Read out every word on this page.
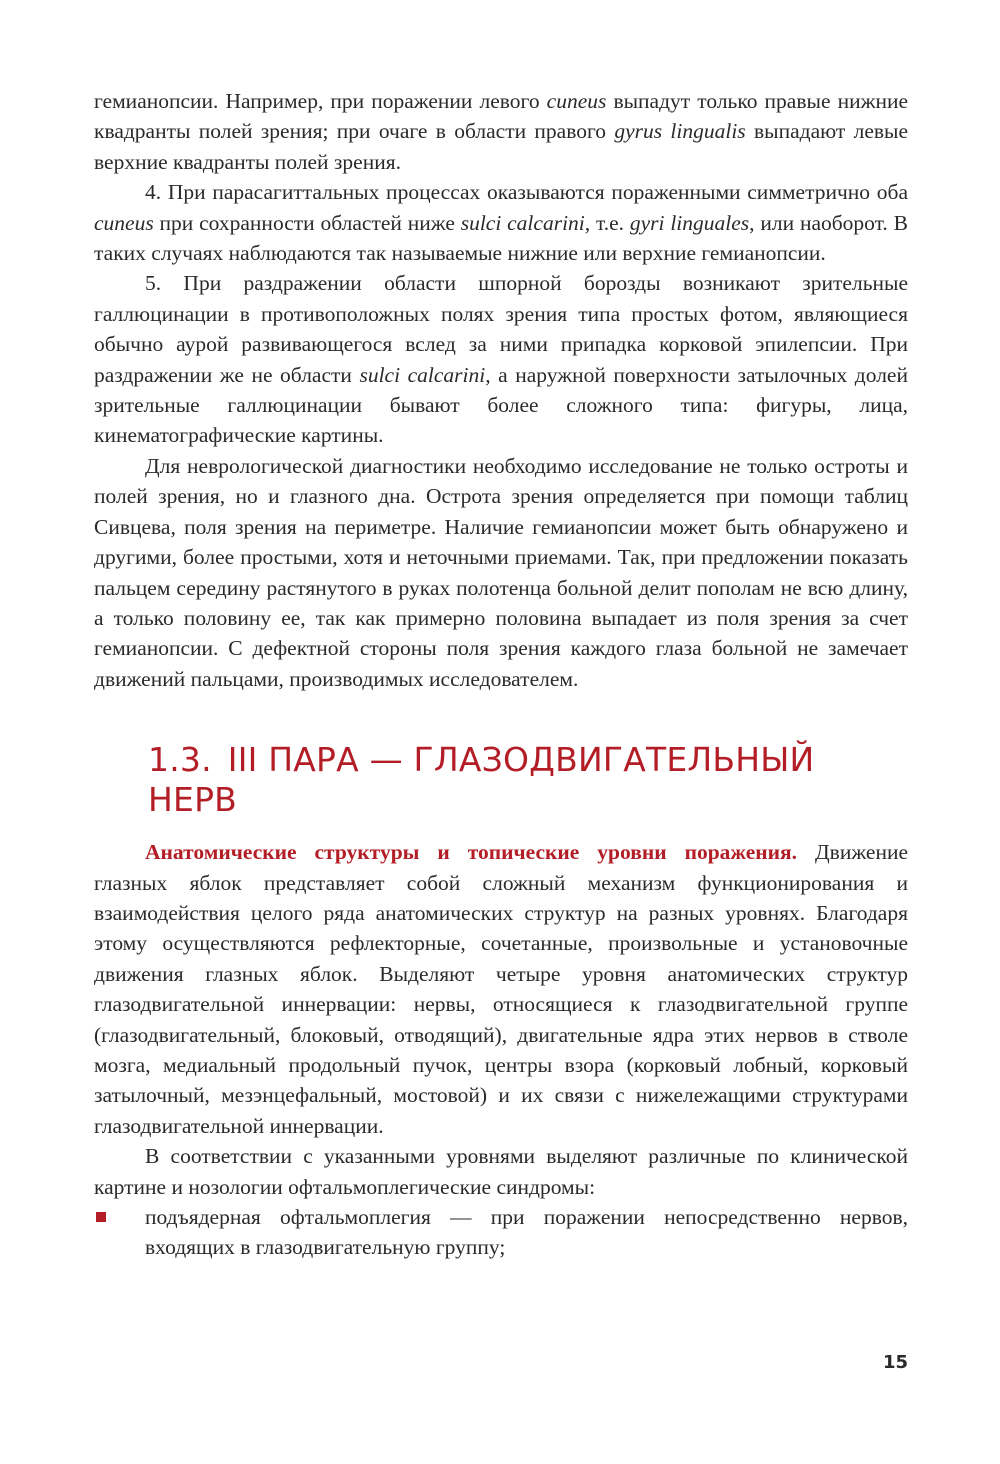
гемианопсии. Например, при поражении левого cuneus выпадут только правые нижние квадранты полей зрения; при очаге в области правого gyrus lingualis выпадают левые верхние квадранты полей зрения.

4. При парасагиттальных процессах оказываются пораженными симметрично оба cuneus при сохранности областей ниже sulci calcarini, т.е. gyri linguales, или наоборот. В таких случаях наблюдаются так называемые нижние или верхние гемианопсии.

5. При раздражении области шпорной борозды возникают зрительные галлюцинации в противоположных полях зрения типа простых фотом, являющиеся обычно аурой развивающегося вслед за ними припадка корковой эпилепсии. При раздражении же не области sulci calcarini, а наружной поверхности затылочных долей зрительные галлюцинации бывают более сложного типа: фигуры, лица, кинематографические картины.

Для неврологической диагностики необходимо исследование не только остроты и полей зрения, но и глазного дна. Острота зрения определяется при помощи таблиц Сивцева, поля зрения на периметре. Наличие гемианопсии может быть обнаружено и другими, более простыми, хотя и неточными приемами. Так, при предложении показать пальцем середину растянутого в руках полотенца больной делит пополам не всю длину, а только половину ее, так как примерно половина выпадает из поля зрения за счет гемианопсии. С дефектной стороны поля зрения каждого глаза больной не замечает движений пальцами, производимых исследователем.

1.3. III ПАРА — ГЛАЗОДВИГАТЕЛЬНЫЙ НЕРВ

Анатомические структуры и топические уровни поражения. Движение глазных яблок представляет собой сложный механизм функционирования и взаимодействия целого ряда анатомических структур на разных уровнях. Благодаря этому осуществляются рефлекторные, сочетанные, произвольные и установочные движения глазных яблок. Выделяют четыре уровня анатомических структур глазодвигательной иннервации: нервы, относящиеся к глазодвигательной группе (глазодвигательный, блоковый, отводящий), двигательные ядра этих нервов в стволе мозга, медиальный продольный пучок, центры взора (корковый лобный, корковый затылочный, мезэнцефальный, мостовой) и их связи с нижележащими структурами глазодвигательной иннервации.

В соответствии с указанными уровнями выделяют различные по клинической картине и нозологии офтальмоплегические синдромы:

подъядерная офтальмоплегия — при поражении непосредственно нервов, входящих в глазодвигательную группу;
15
